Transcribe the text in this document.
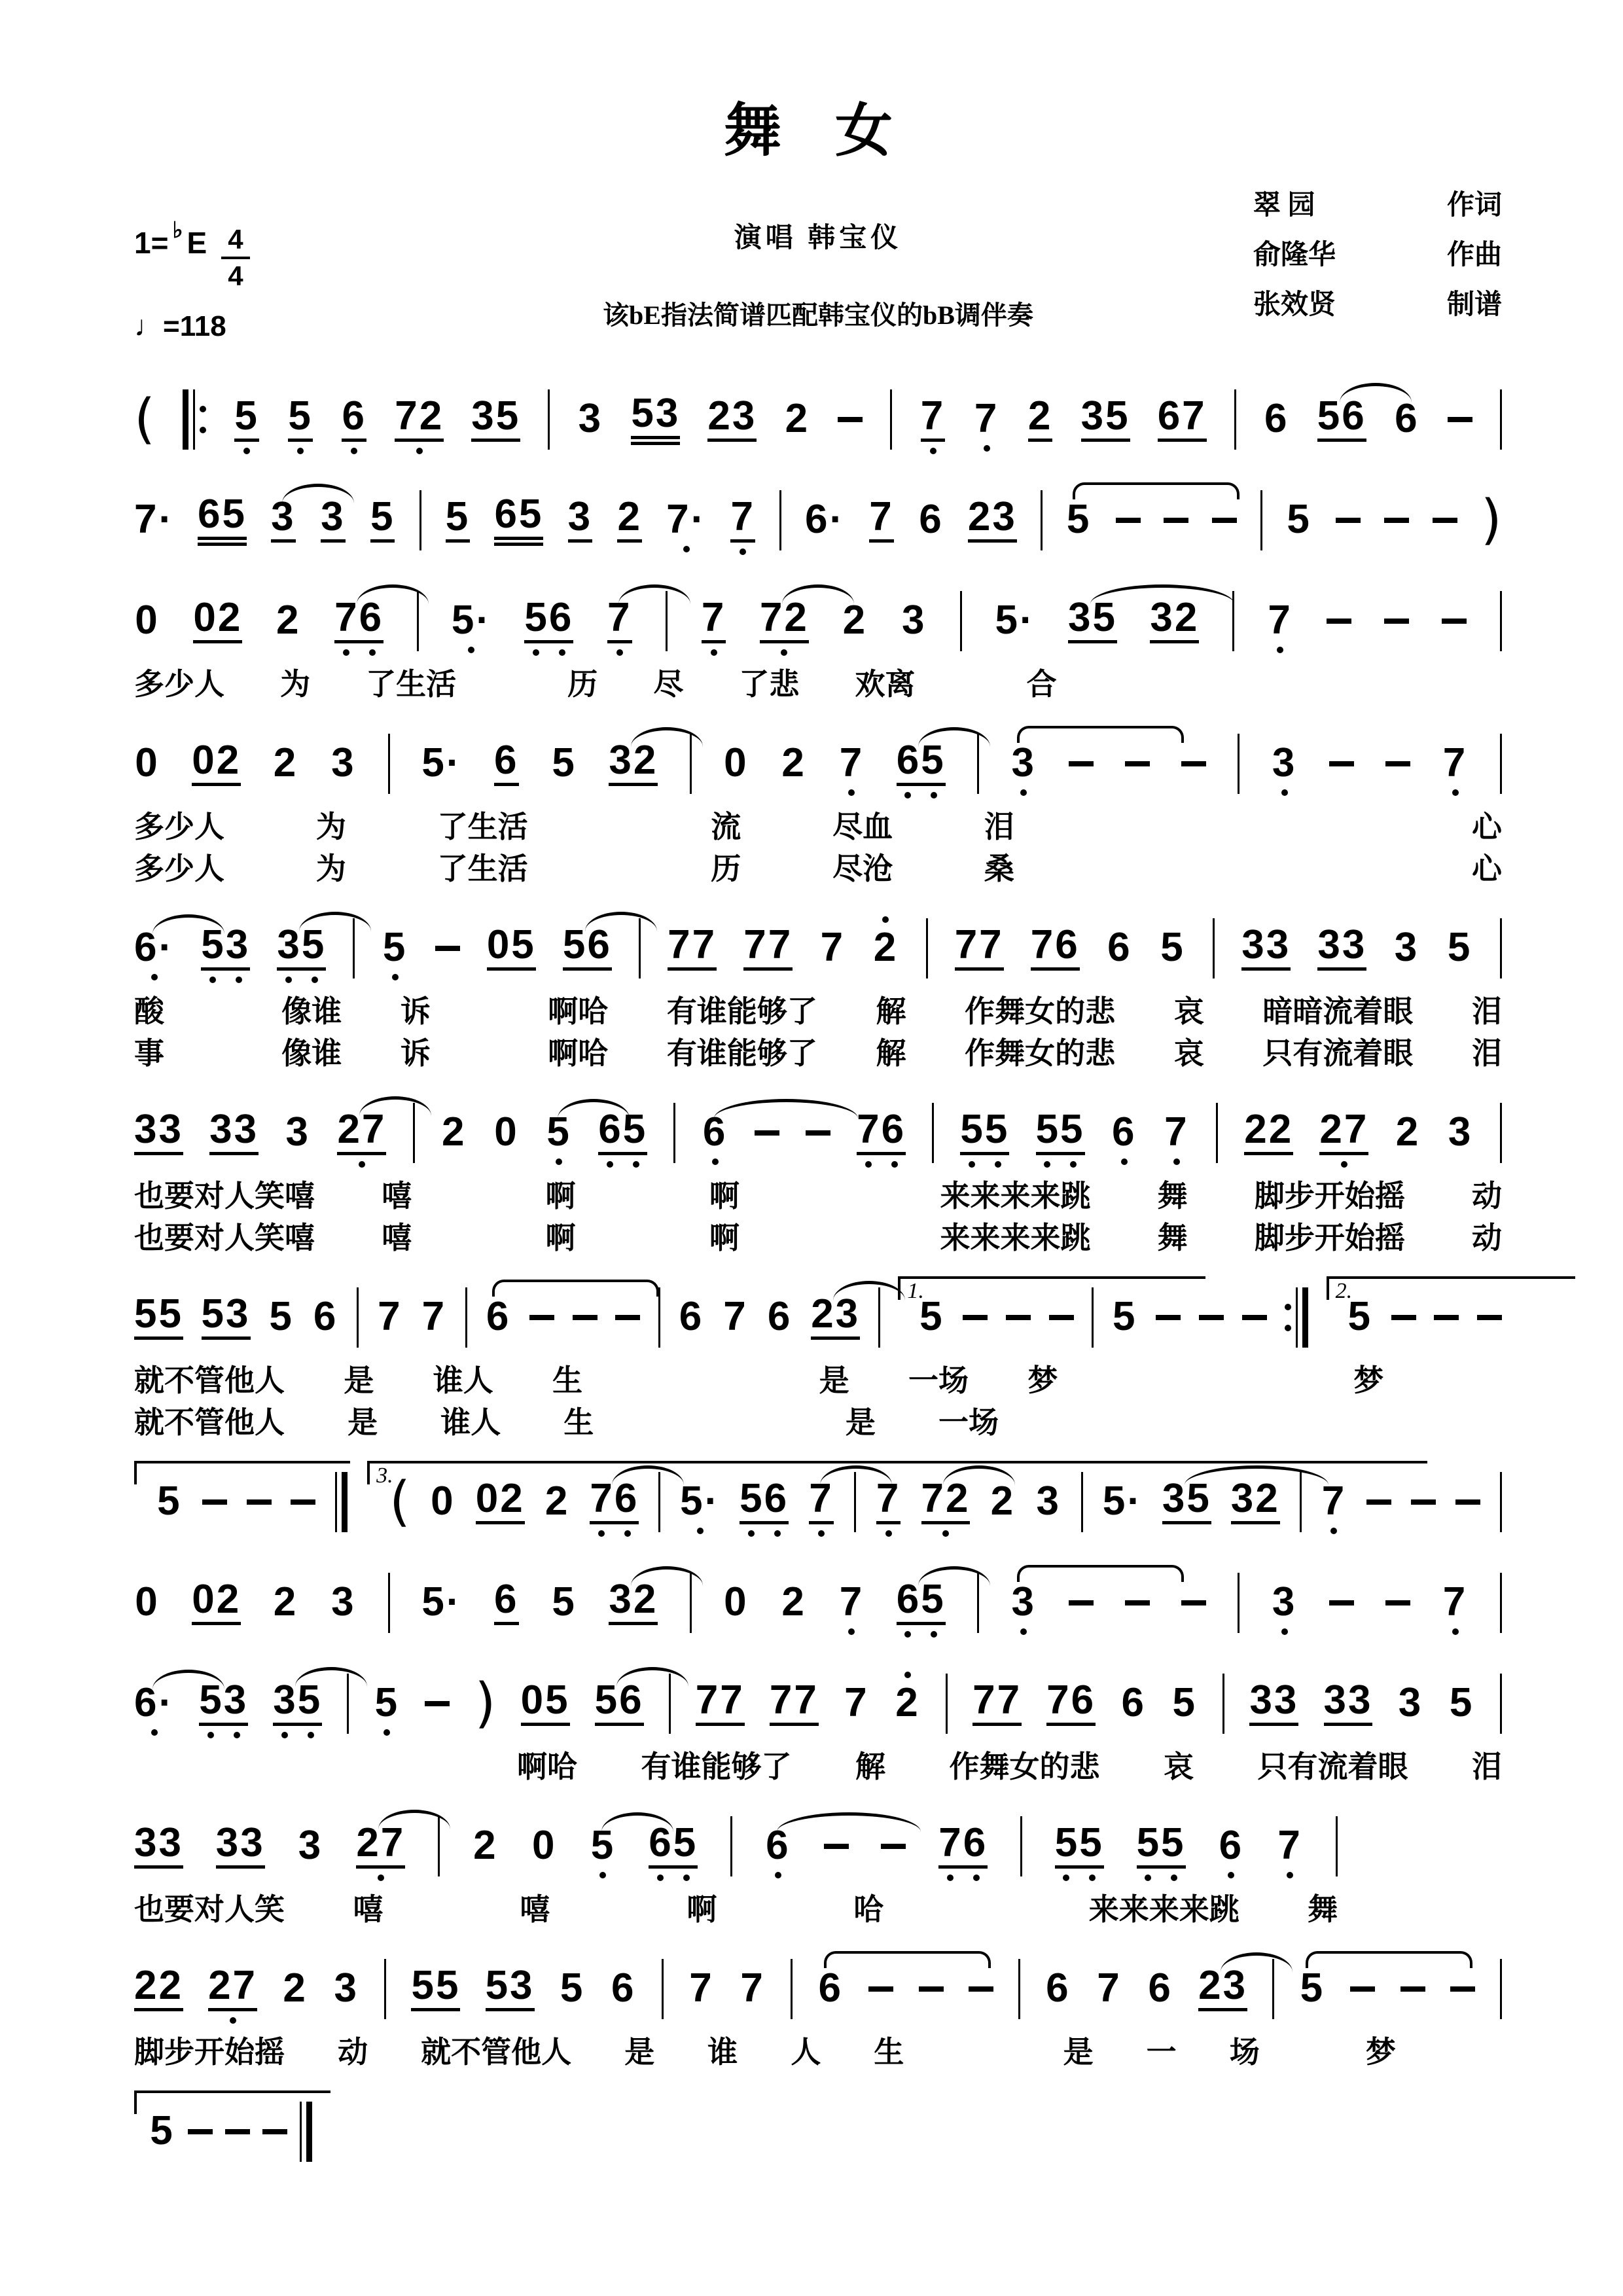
舞 女
1= ♭ E $\frac{4}{4}$
♩=118
演唱 韩宝仪
该bE指法简谱匹配韩宝仪的bB调伴奏
翠 园	作词
俞隆华	作曲
张效贤	制谱
( 5 5 6 72 35 3 53 23 2	7 7 2 35 67 6 56 6
7· 65 3 3 5 5 65 3 2 7· 7 6· 7 6 23 5	5	)
0 02 2 76 5· 56 7 7 72 2 3 5· 35 32 7
多 少 人 为 了 生 活	历 尽 了 悲 欢 离	合
0 02 2 3 5· 6 5 32 0 2 7 65 3	3	7
多 少 人	为	了 生 活	流	尽 血	泪	心
多 少 人	为	了 生 活	历	尽 沧	桑	心
6· 53 35 5 05 56 77 77 7 2 77 76 6 5 33 33 3 5
酸	像 谁 诉	啊 哈 有 谁 能 够 了 解 作 舞 女 的 悲 哀 暗 暗 流 着 眼 泪
事	像 谁 诉	啊 哈 有 谁 能 够 了 解 作 舞 女 的 悲 哀 只 有 流 着 眼 泪
33 33 3 27 2 0 5 65 6	76 55 55 6 7 22 27 2 3
也 要 对 人 笑 嘻 嘻	啊	啊	来 来 来 来 跳 舞 脚 步 开 始 摇 动
也 要 对 人 笑 嘻 嘻	啊	啊	来 来 来 来 跳 舞 脚 步 开 始 摇 动
55 53 5 6 7 7 6	6 7 6 23
1.
5	5
2.
5
就 不 管 他 人 是 谁 人 生	是 一 场 梦	梦
就 不 管 他 人 是 谁 人 生	是 一 场
5
3.
( 0 02 2 76 5· 56 7 7 72 2 3 5· 35 32 7
0 02 2 3 5· 6 5 32 0 2 7 65 3	3	7
6· 53 35 5 ) 05 56 77 77 7 2 77 76 6 5 33 33 3 5
啊 哈 有 谁 能 够 了 解 作 舞 女 的 悲 哀 只 有 流 着 眼 泪
33 33 3 27 2 0 5 65 6	76 55 55 6 7
也 要 对 人 笑 嘻	嘻	啊	哈	来 来 来 来 跳 舞
22 27 2 3 55 53 5 6 7 7 6	6 7 6 23 5
脚 步 开 始 摇 动 就 不 管 他 人 是 谁 人 生	是 一 场	梦
5
